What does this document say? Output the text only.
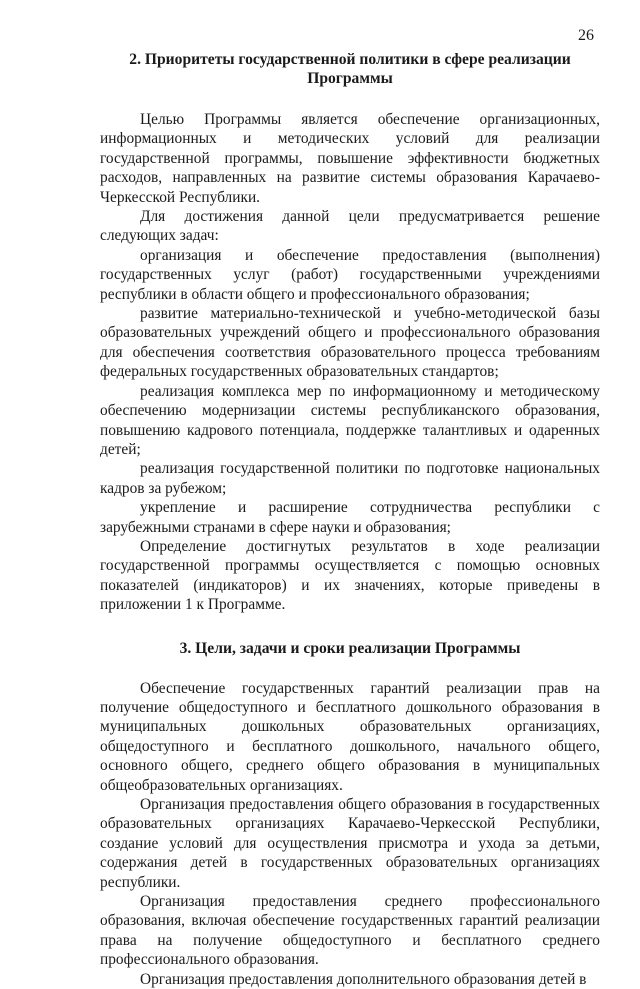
26
2. Приоритеты государственной политики в сфере реализации
Программы

Целью Программы является обеспечение организационных, информационных и методических условий для реализации государственной программы, повышение эффективности бюджетных расходов, направленных на развитие системы образования Карачаево-Черкесской Республики.

Для достижения данной цели предусматривается решение следующих задач:

организация и обеспечение предоставления (выполнения) государственных услуг (работ) государственными учреждениями республики в области общего и профессионального образования;

развитие материально-технической и учебно-методической базы образовательных учреждений общего и профессионального образования для обеспечения соответствия образовательного процесса требованиям федеральных государственных образовательных стандартов;

реализация комплекса мер по информационному и методическому обеспечению модернизации системы республиканского образования, повышению кадрового потенциала, поддержке талантливых и одаренных детей;

реализация государственной политики по подготовке национальных кадров за рубежом;

укрепление и расширение сотрудничества республики с зарубежными странами в сфере науки и образования;

Определение достигнутых результатов в ходе реализации государственной программы осуществляется с помощью основных показателей (индикаторов) и их значениях, которые приведены в приложении 1 к Программе.

3. Цели, задачи и сроки реализации Программы

Обеспечение государственных гарантий реализации прав на получение общедоступного и бесплатного дошкольного образования в муниципальных дошкольных образовательных организациях, общедоступного и бесплатного дошкольного, начального общего, основного общего, среднего общего образования в муниципальных общеобразовательных организациях.

Организация предоставления общего образования в государственных образовательных организациях Карачаево-Черкесской Республики, создание условий для осуществления присмотра и ухода за детьми, содержания детей в государственных образовательных организациях республики.

Организация предоставления среднего профессионального образования, включая обеспечение государственных гарантий реализации права на получение общедоступного и бесплатного среднего профессионального образования.

Организация предоставления дополнительного образования детей в
